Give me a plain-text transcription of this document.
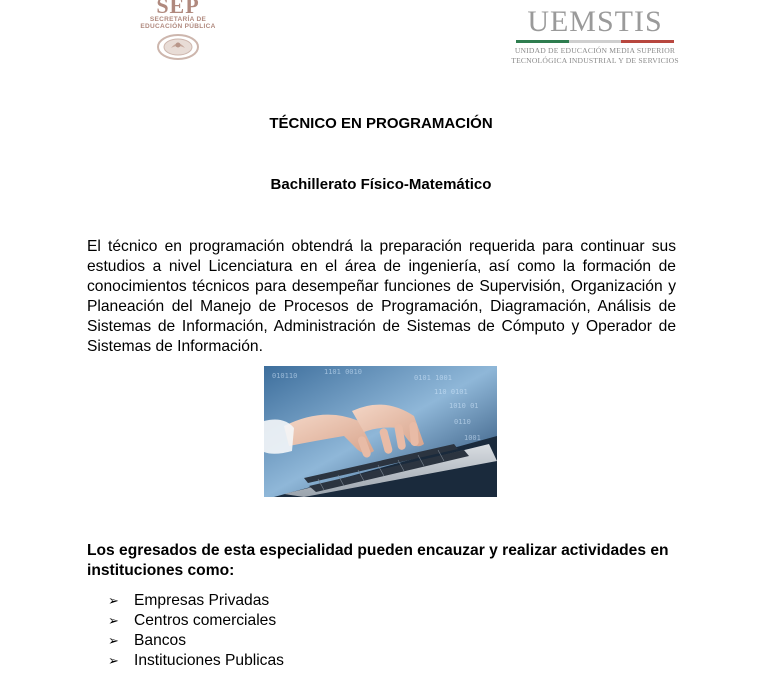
SEP
SECRETARÍA DE
EDUCACIÓN PÚBLICA	UEMSTIS
UNIDAD DE EDUCACIÓN MEDIA SUPERIOR
TECNOLÓGICA INDUSTRIAL Y DE SERVICIOS
TÉCNICO EN PROGRAMACIÓN
Bachillerato Físico-Matemático
El técnico en programación obtendrá la preparación requerida para continuar sus estudios a nivel Licenciatura en el área de ingeniería, así como la formación de conocimientos técnicos para desempeñar funciones de Supervisión, Organización y Planeación del Manejo de Procesos de Programación, Diagramación, Análisis de Sistemas de Información, Administración de Sistemas de Cómputo y Operador de Sistemas de Información.
0101 1001
110 0101
1010 01
0110
1001
010110	1101 0010
Los egresados de esta especialidad pueden encauzar y realizar actividades en instituciones como:
➢ Empresas Privadas
➢ Centros comerciales
➢ Bancos
➢ Instituciones Publicas
